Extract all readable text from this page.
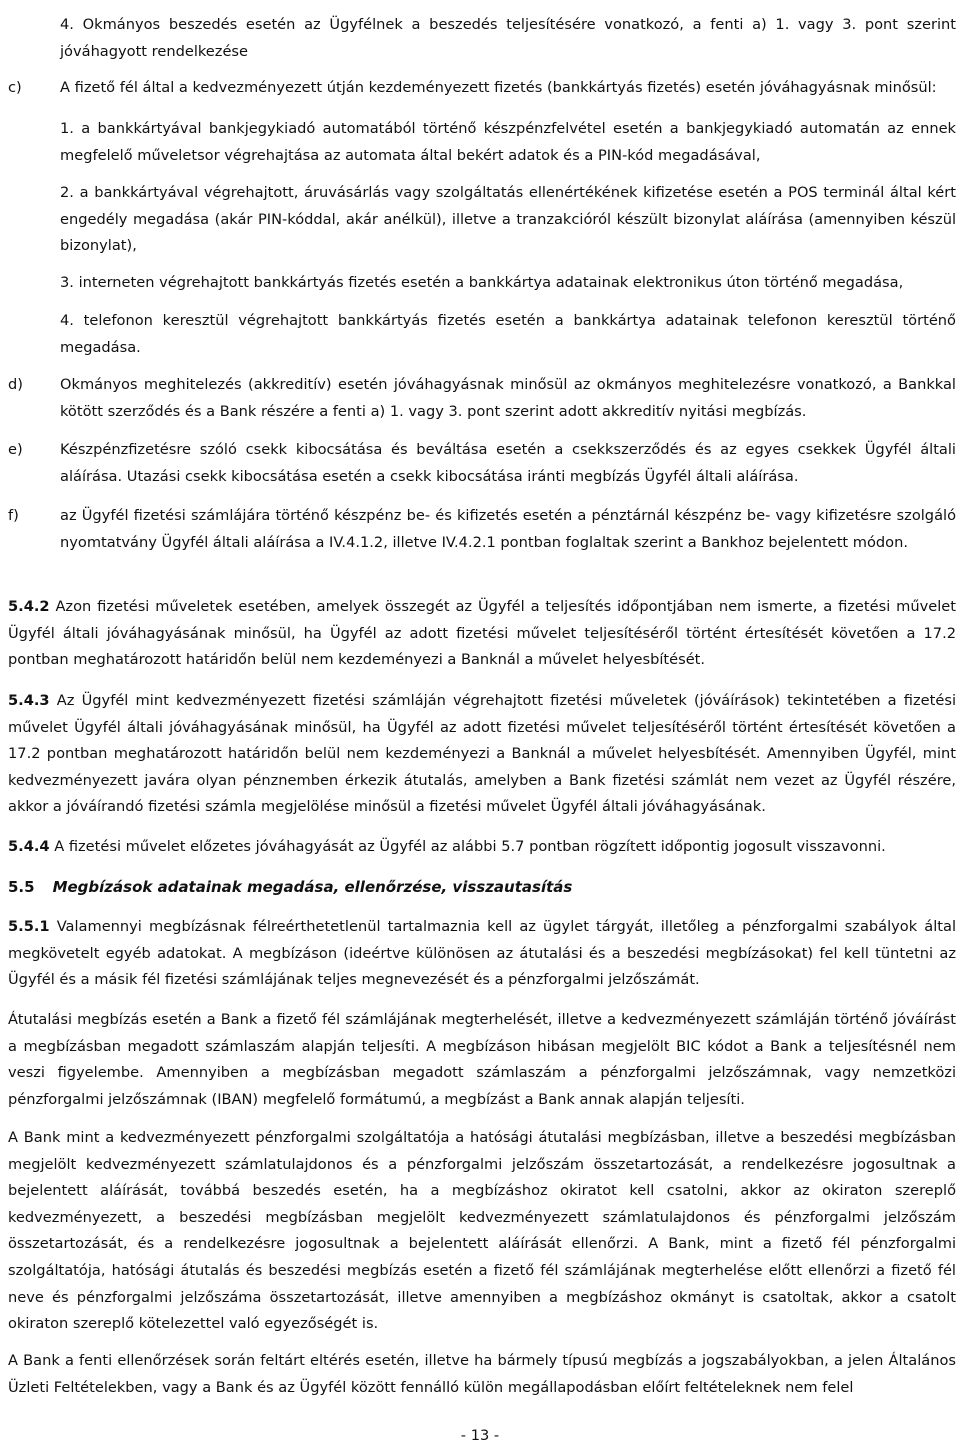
4. Okmányos beszedés esetén az Ügyfélnek a beszedés teljesítésére vonatkozó, a fenti a) 1. vagy 3. pont szerint jóváhagyott rendelkezése

c)	A fizető fél által a kedvezményezett útján kezdeményezett fizetés (bankkártyás fizetés) esetén jóváhagyásnak minősül:

1. a bankkártyával bankjegykiadó automatából történő készpénzfelvétel esetén a bankjegykiadó automatán az ennek megfelelő műveletsor végrehajtása az automata által bekért adatok és a PIN-kód megadásával,

2. a bankkártyával végrehajtott, áruvásárlás vagy szolgáltatás ellenértékének kifizetése esetén a POS terminál által kért engedély megadása (akár PIN-kóddal, akár anélkül), illetve a tranzakcióról készült bizonylat aláírása (amennyiben készül bizonylat),

3. interneten végrehajtott bankkártyás fizetés esetén a bankkártya adatainak elektronikus úton történő megadása,

4. telefonon keresztül végrehajtott bankkártyás fizetés esetén a bankkártya adatainak telefonon keresztül történő megadása.

d)	Okmányos meghitelezés (akkreditív) esetén jóváhagyásnak minősül az okmányos meghitelezésre vonatkozó, a Bankkal kötött szerződés és a Bank részére a fenti a) 1. vagy 3. pont szerint adott akkreditív nyitási megbízás.

e)	Készpénzfizetésre szóló csekk kibocsátása és beváltása esetén a csekkszerződés és az egyes csekkek Ügyfél általi aláírása. Utazási csekk kibocsátása esetén a csekk kibocsátása iránti megbízás Ügyfél általi aláírása.

f)	az Ügyfél fizetési számlájára történő készpénz be- és kifizetés esetén a pénztárnál készpénz be- vagy kifizetésre szolgáló nyomtatvány Ügyfél általi aláírása a IV.4.1.2, illetve IV.4.2.1 pontban foglaltak szerint a Bankhoz bejelentett módon.

5.4.2 Azon fizetési műveletek esetében, amelyek összegét az Ügyfél a teljesítés időpontjában nem ismerte, a fizetési művelet Ügyfél általi jóváhagyásának minősül, ha Ügyfél az adott fizetési művelet teljesítéséről történt értesítését követően a 17.2 pontban meghatározott határidőn belül nem kezdeményezi a Banknál a művelet helyesbítését.

5.4.3 Az Ügyfél mint kedvezményezett fizetési számláján végrehajtott fizetési műveletek (jóváírások) tekintetében a fizetési művelet Ügyfél általi jóváhagyásának minősül, ha Ügyfél az adott fizetési művelet teljesítéséről történt értesítését követően a 17.2 pontban meghatározott határidőn belül nem kezdeményezi a Banknál a művelet helyesbítését. Amennyiben Ügyfél, mint kedvezményezett javára olyan pénznemben érkezik átutalás, amelyben a Bank fizetési számlát nem vezet az Ügyfél részére, akkor a jóváírandó fizetési számla megjelölése minősül a fizetési művelet Ügyfél általi jóváhagyásának.

5.4.4 A fizetési művelet előzetes jóváhagyását az Ügyfél az alábbi 5.7 pontban rögzített időpontig jogosult visszavonni.

5.5 Megbízások adatainak megadása, ellenőrzése, visszautasítás

5.5.1 Valamennyi megbízásnak félreérthetetlenül tartalmaznia kell az ügylet tárgyát, illetőleg a pénzforgalmi szabályok által megkövetelt egyéb adatokat. A megbízáson (ideértve különösen az átutalási és a beszedési megbízásokat) fel kell tüntetni az Ügyfél és a másik fél fizetési számlájának teljes megnevezését és a pénzforgalmi jelzőszámát.

Átutalási megbízás esetén a Bank a fizető fél számlájának megterhelését, illetve a kedvezményezett számláján történő jóváírást a megbízásban megadott számlaszám alapján teljesíti. A megbízáson hibásan megjelölt BIC kódot a Bank a teljesítésnél nem veszi figyelembe. Amennyiben a megbízásban megadott számlaszám a pénzforgalmi jelzőszámnak, vagy nemzetközi pénzforgalmi jelzőszámnak (IBAN) megfelelő formátumú, a megbízást a Bank annak alapján teljesíti.

A Bank mint a kedvezményezett pénzforgalmi szolgáltatója a hatósági átutalási megbízásban, illetve a beszedési megbízásban megjelölt kedvezményezett számlatulajdonos és a pénzforgalmi jelzőszám összetartozását, a rendelkezésre jogosultnak a bejelentett aláírását, továbbá beszedés esetén, ha a megbízáshoz okiratot kell csatolni, akkor az okiraton szereplő kedvezményezett, a beszedési megbízásban megjelölt kedvezményezett számlatulajdonos és pénzforgalmi jelzőszám összetartozását, és a rendelkezésre jogosultnak a bejelentett aláírását ellenőrzi. A Bank, mint a fizető fél pénzforgalmi szolgáltatója, hatósági átutalás és beszedési megbízás esetén a fizető fél számlájának megterhelése előtt ellenőrzi a fizető fél neve és pénzforgalmi jelzőszáma összetartozását, illetve amennyiben a megbízáshoz okmányt is csatoltak, akkor a csatolt okiraton szereplő kötelezettel való egyezőségét is.

A Bank a fenti ellenőrzések során feltárt eltérés esetén, illetve ha bármely típusú megbízás a jogszabályokban, a jelen Általános Üzleti Feltételekben, vagy a Bank és az Ügyfél között fennálló külön megállapodásban előírt feltételeknek nem felel

- 13 -
